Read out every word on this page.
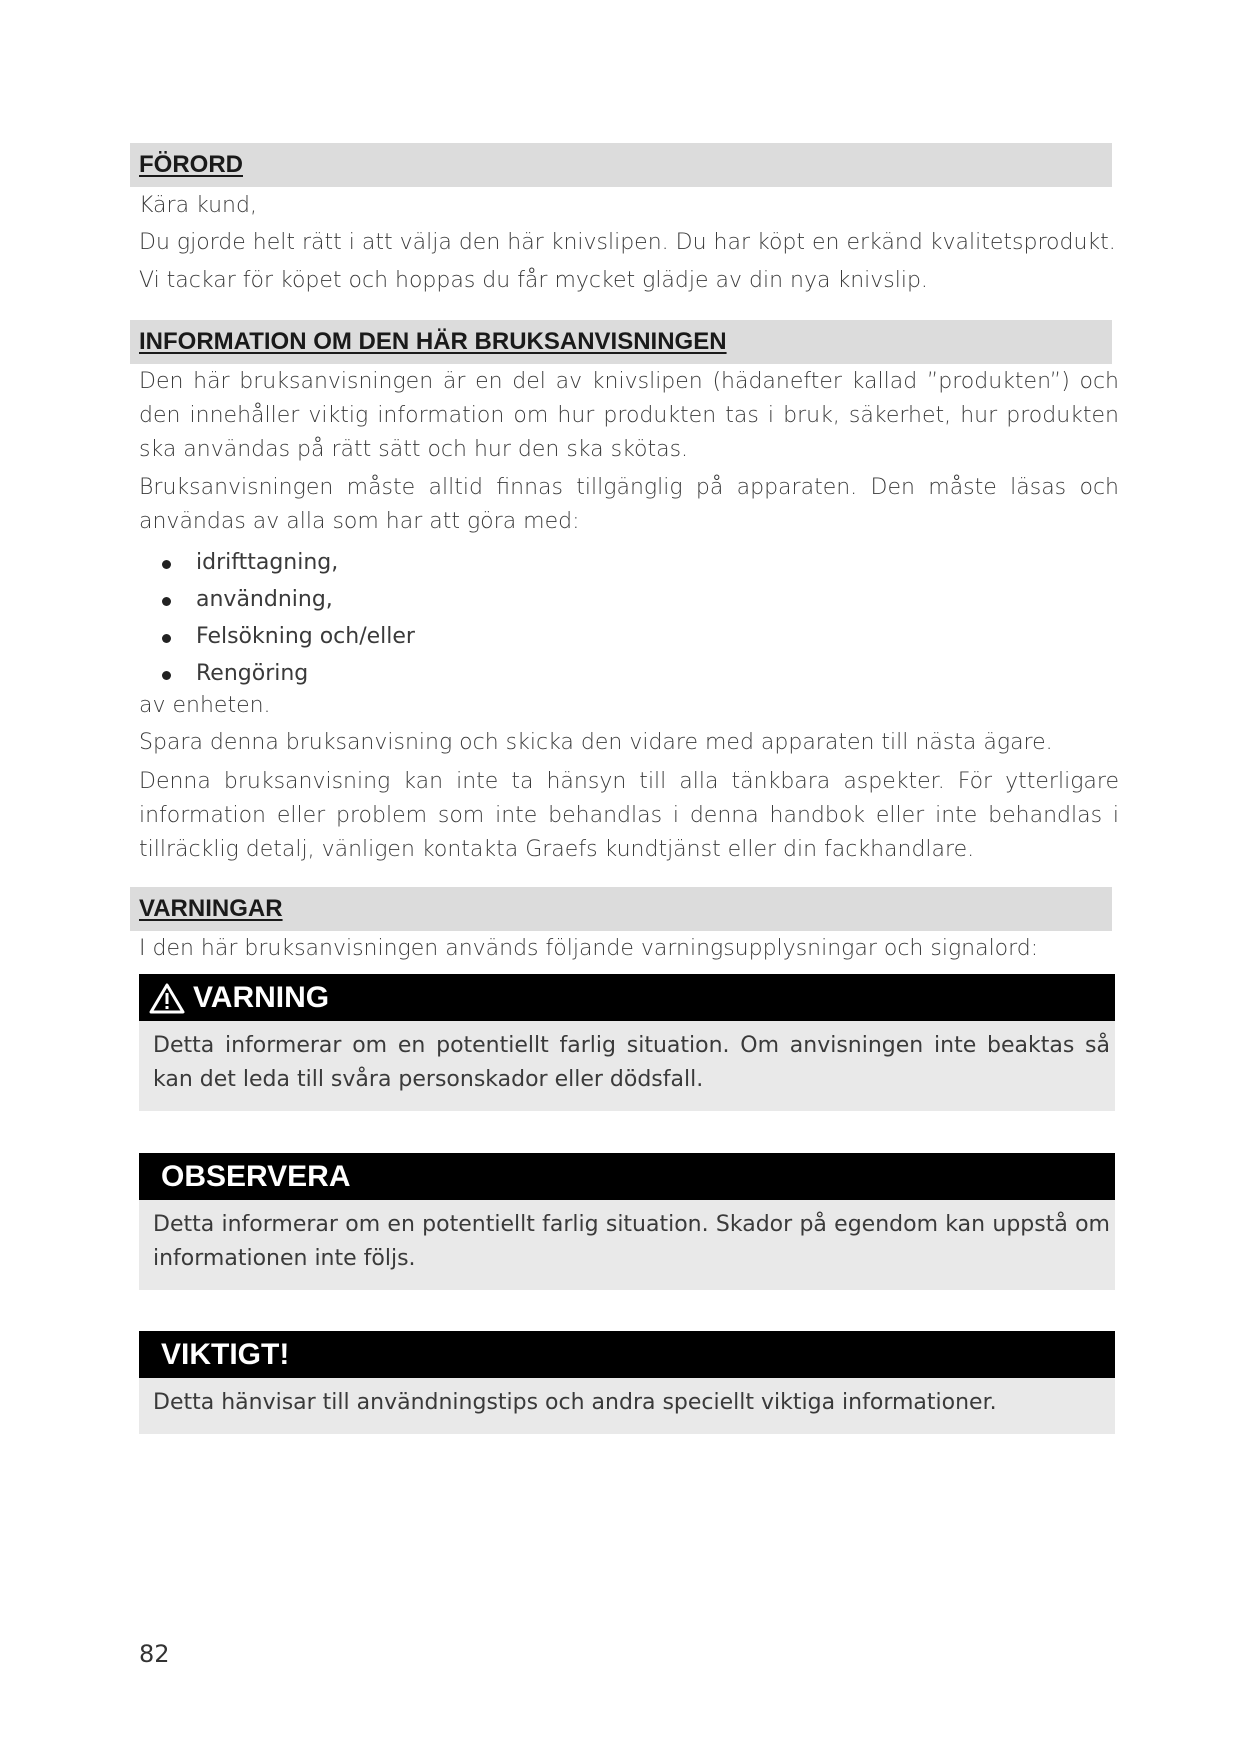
FÖRORD

Kära kund,

Du gjorde helt rätt i att välja den här knivslipen. Du har köpt en erkänd kvalitetsprodukt.

Vi tackar för köpet och hoppas du får mycket glädje av din nya knivslip.

INFORMATION OM DEN HÄR BRUKSANVISNINGEN

Den här bruksanvisningen är en del av knivslipen (hädanefter kallad ”produkten”) och den innehåller viktig information om hur produkten tas i bruk, säkerhet, hur produkten ska användas på rätt sätt och hur den ska skötas.

Bruksanvisningen måste alltid finnas tillgänglig på apparaten. Den måste läsas och användas av alla som har att göra med:

idrifttagning,
användning,
Felsökning och/eller
Rengöring

av enheten.

Spara denna bruksanvisning och skicka den vidare med apparaten till nästa ägare.

Denna bruksanvisning kan inte ta hänsyn till alla tänkbara aspekter. För ytterligare information eller problem som inte behandlas i denna handbok eller inte behandlas i tillräcklig detalj, vänligen kontakta Graefs kundtjänst eller din fackhandlare.

VARNINGAR

I den här bruksanvisningen används följande varningsupplysningar och signalord:

VARNING
Detta informerar om en potentiellt farlig situation. Om anvisningen inte beaktas så kan det leda till svåra personskador eller dödsfall.
OBSERVERA
Detta informerar om en potentiellt farlig situation. Skador på egendom kan uppstå om informationen inte följs.
VIKTIGT!
Detta hänvisar till användningstips och andra speciellt viktiga informationer.
82
